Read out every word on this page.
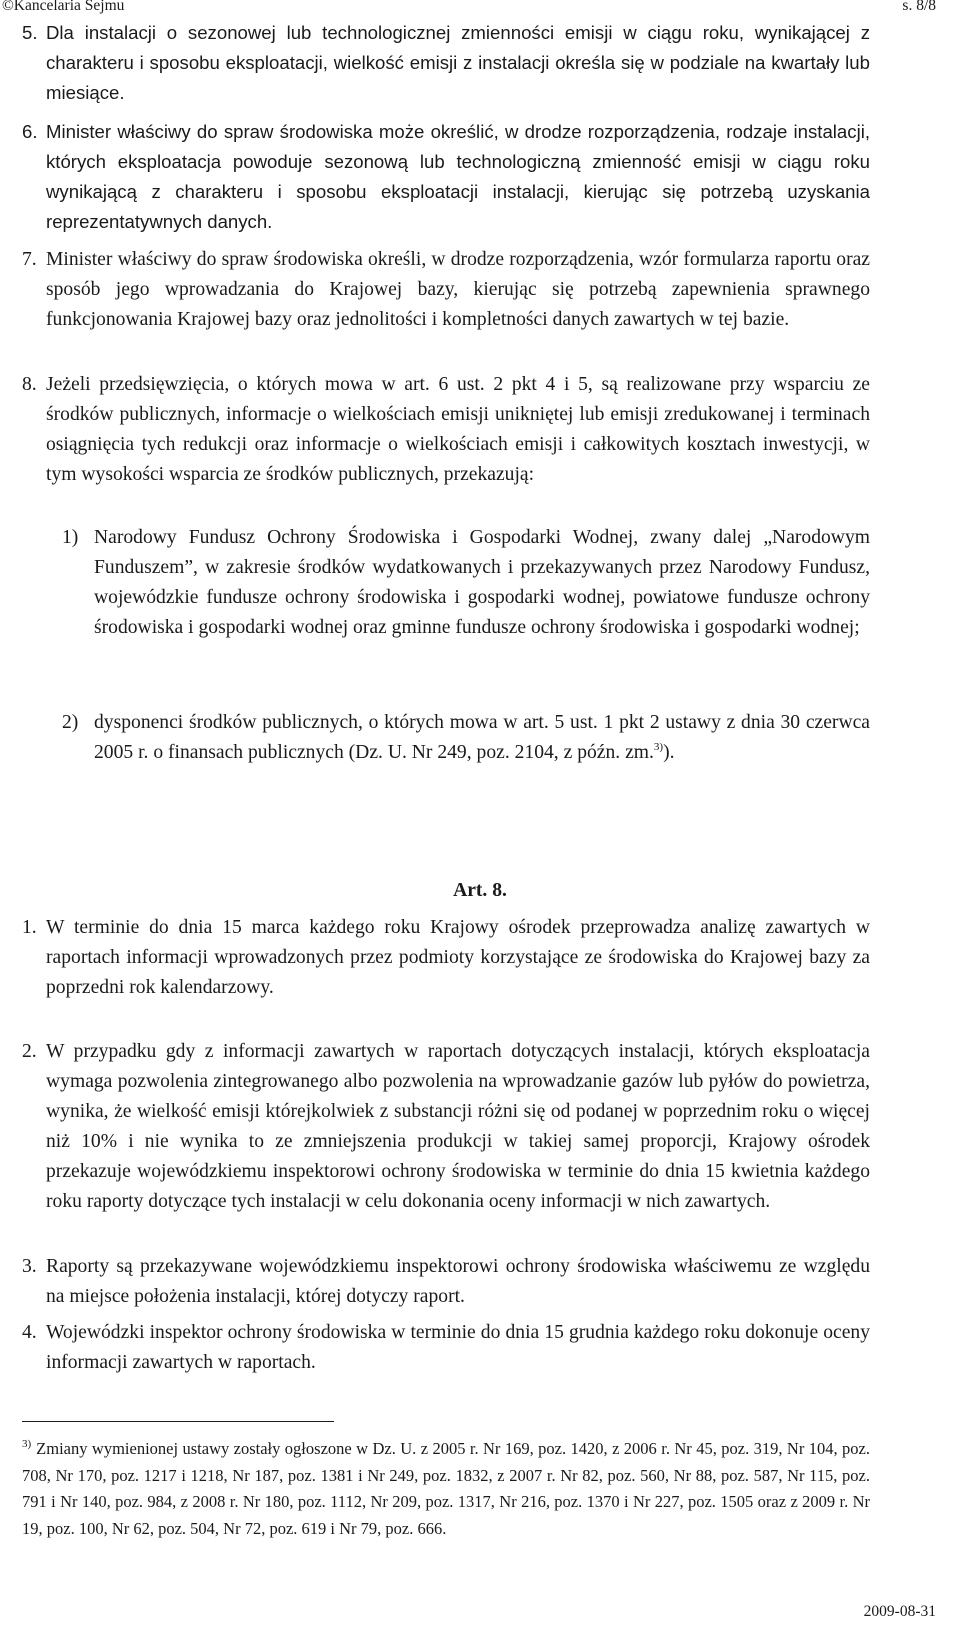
©Kancelaria Sejmu	s. 8/8
5. Dla instalacji o sezonowej lub technologicznej zmienności emisji w ciągu roku, wynikającej z charakteru i sposobu eksploatacji, wielkość emisji z instalacji określa się w podziale na kwartały lub miesiące.
6. Minister właściwy do spraw środowiska może określić, w drodze rozporządzenia, rodzaje instalacji, których eksploatacja powoduje sezonową lub technologiczną zmienność emisji w ciągu roku wynikającą z charakteru i sposobu eksploatacji instalacji, kierując się potrzebą uzyskania reprezentatywnych danych.
7. Minister właściwy do spraw środowiska określi, w drodze rozporządzenia, wzór formularza raportu oraz sposób jego wprowadzania do Krajowej bazy, kierując się potrzebą zapewnienia sprawnego funkcjonowania Krajowej bazy oraz jednolitości i kompletności danych zawartych w tej bazie.
8. Jeżeli przedsięwzięcia, o których mowa w art. 6 ust. 2 pkt 4 i 5, są realizowane przy wsparciu ze środków publicznych, informacje o wielkościach emisji unikniętej lub emisji zredukowanej i terminach osiągnięcia tych redukcji oraz informacje o wielkościach emisji i całkowitych kosztach inwestycji, w tym wysokości wsparcia ze środków publicznych, przekazują:
1) Narodowy Fundusz Ochrony Środowiska i Gospodarki Wodnej, zwany dalej „Narodowym Funduszem”, w zakresie środków wydatkowanych i przekazywanych przez Narodowy Fundusz, wojewódzkie fundusze ochrony środowiska i gospodarki wodnej, powiatowe fundusze ochrony środowiska i gospodarki wodnej oraz gminne fundusze ochrony środowiska i gospodarki wodnej;
2) dysponenci środków publicznych, o których mowa w art. 5 ust. 1 pkt 2 ustawy z dnia 30 czerwca 2005 r. o finansach publicznych (Dz. U. Nr 249, poz. 2104, z późn. zm.$^{3)}$).
Art. 8.
1. W terminie do dnia 15 marca każdego roku Krajowy ośrodek przeprowadza analizę zawartych w raportach informacji wprowadzonych przez podmioty korzystające ze środowiska do Krajowej bazy za poprzedni rok kalendarzowy.
2. W przypadku gdy z informacji zawartych w raportach dotyczących instalacji, których eksploatacja wymaga pozwolenia zintegrowanego albo pozwolenia na wprowadzanie gazów lub pyłów do powietrza, wynika, że wielkość emisji którejkolwiek z substancji różni się od podanej w poprzednim roku o więcej niż 10% i nie wynika to ze zmniejszenia produkcji w takiej samej proporcji, Krajowy ośrodek przekazuje wojewódzkiemu inspektorowi ochrony środowiska w terminie do dnia 15 kwietnia każdego roku raporty dotyczące tych instalacji w celu dokonania oceny informacji w nich zawartych.
3. Raporty są przekazywane wojewódzkiemu inspektorowi ochrony środowiska właściwemu ze względu na miejsce położenia instalacji, której dotyczy raport.
4. Wojewódzki inspektor ochrony środowiska w terminie do dnia 15 grudnia każdego roku dokonuje oceny informacji zawartych w raportach.
$^{3)}$ Zmiany wymienionej ustawy zostały ogłoszone w Dz. U. z 2005 r. Nr 169, poz. 1420, z 2006 r. Nr 45, poz. 319, Nr 104, poz. 708, Nr 170, poz. 1217 i 1218, Nr 187, poz. 1381 i Nr 249, poz. 1832, z 2007 r. Nr 82, poz. 560, Nr 88, poz. 587, Nr 115, poz. 791 i Nr 140, poz. 984, z 2008 r. Nr 180, poz. 1112, Nr 209, poz. 1317, Nr 216, poz. 1370 i Nr 227, poz. 1505 oraz z 2009 r. Nr 19, poz. 100, Nr 62, poz. 504, Nr 72, poz. 619 i Nr 79, poz. 666.
2009-08-31
